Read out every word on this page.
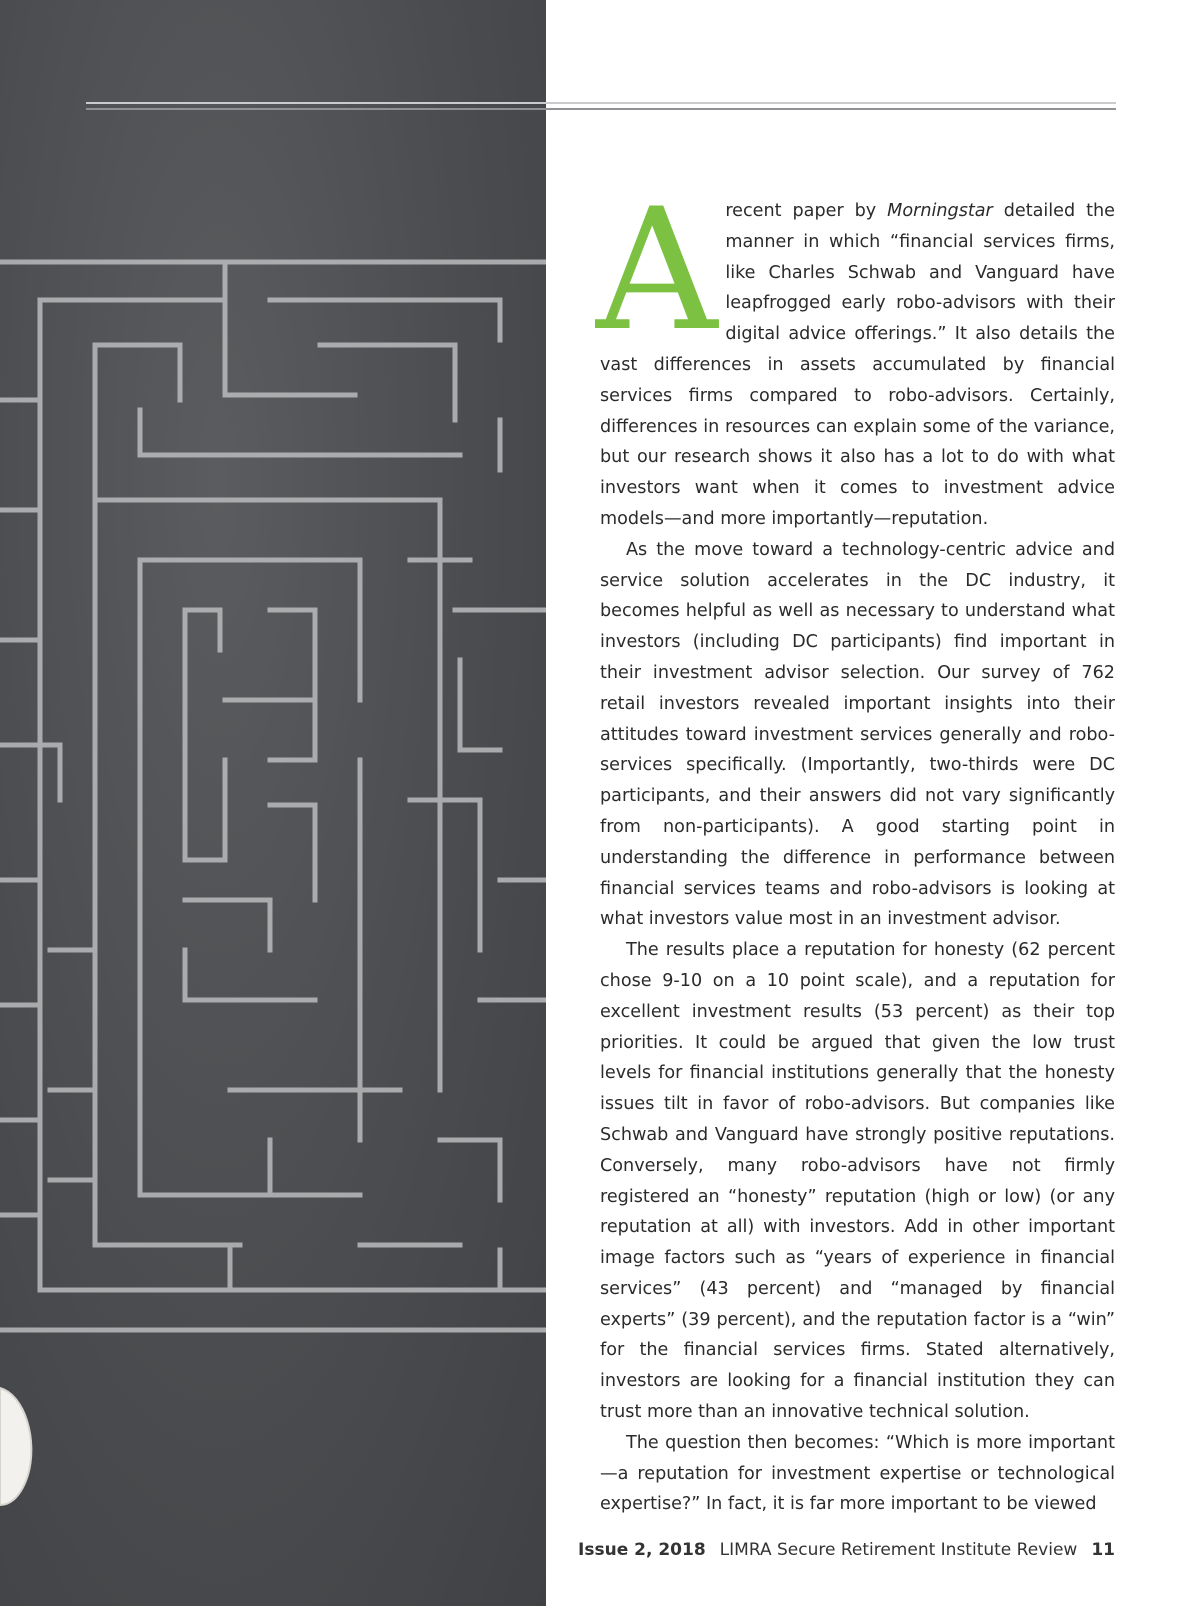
Arecent paper by Morningstar detailed the manner in which “financial services firms, like Charles Schwab and Vanguard have leapfrogged early robo-advisors with their digital advice offerings.” It also details the vast differences in assets accumulated by financial services firms compared to robo-advisors. Certainly, differences in resources can explain some of the variance, but our research shows it also has a lot to do with what investors want when it comes to investment advice models—and more importantly—reputation.

As the move toward a technology-centric advice and service solution accelerates in the DC industry, it becomes helpful as well as necessary to understand what investors (including DC participants) find important in their investment advisor selection. Our survey of 762 retail investors revealed important insights into their attitudes toward investment services generally and robo-services specifically. (Importantly, two-thirds were DC participants, and their answers did not vary significantly from non-participants). A good starting point in understanding the difference in performance between financial services teams and robo-advisors is looking at what investors value most in an investment advisor.

The results place a reputation for honesty (62 percent chose 9-10 on a 10 point scale), and a reputation for excellent investment results (53 percent) as their top priorities. It could be argued that given the low trust levels for financial institutions generally that the honesty issues tilt in favor of robo-advisors. But companies like Schwab and Vanguard have strongly positive reputations. Conversely, many robo-advisors have not firmly registered an “honesty” reputation (high or low) (or any reputation at all) with investors. Add in other important image factors such as “years of experience in financial services” (43 percent) and “managed by financial experts” (39 percent), and the reputation factor is a “win” for the financial services firms. Stated alternatively, investors are looking for a financial institution they can trust more than an innovative technical solution.

The question then becomes: “Which is more important—a reputation for investment expertise or technological expertise?” In fact, it is far more important to be viewed

Issue 2, 2018 LIMRA Secure Retirement Institute Review 11
